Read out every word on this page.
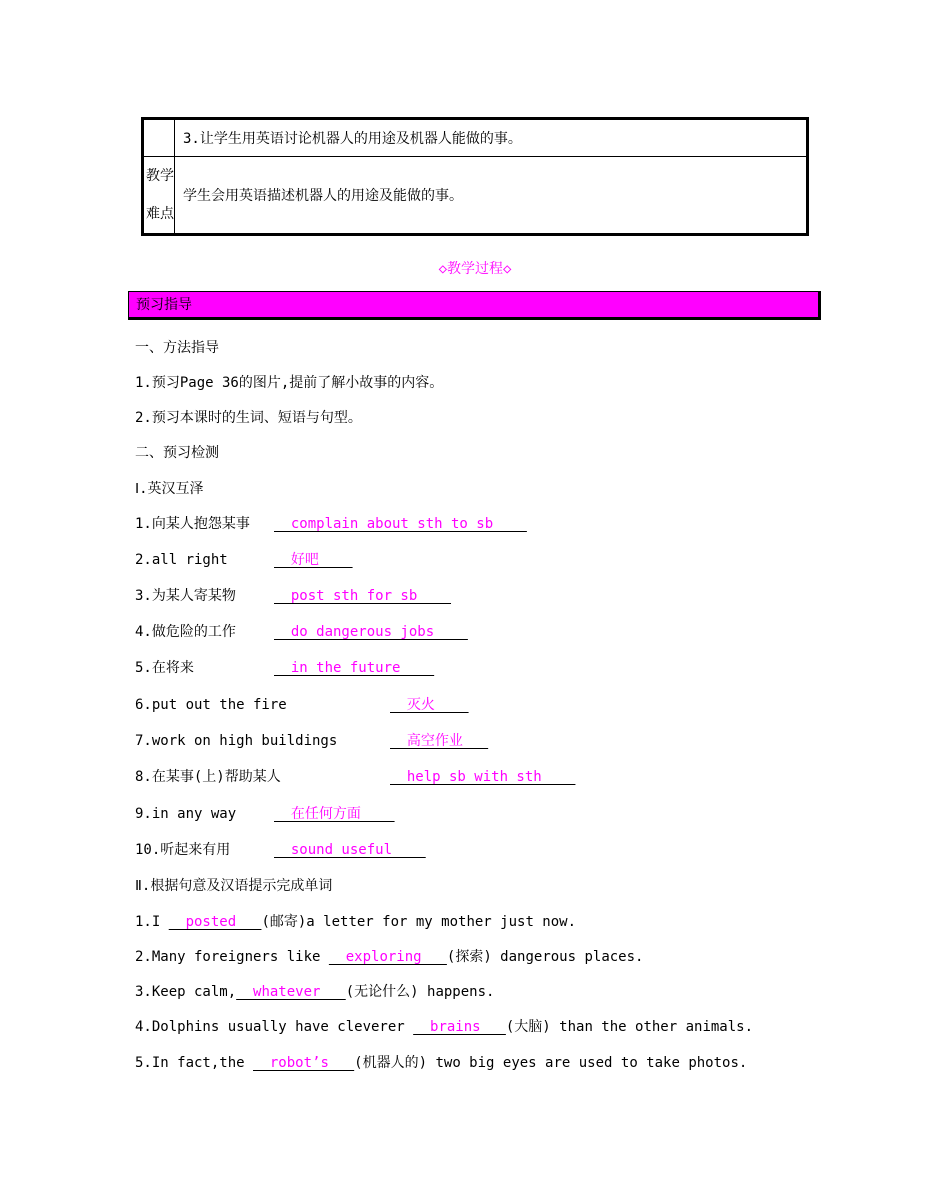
	3.让学生用英语讨论机器人的用途及机器人能做的事。

教学
难点	学生会用英语描述机器人的用途及能做的事。
◇教学过程◇
预习指导
一、方法指导
1.预习Page 36的图片,提前了解小故事的内容。
2.预习本课时的生词、短语与句型。
二、预习检测
Ⅰ.英汉互泽
1.向某人抱怨某事 complain about sth to sb
2.all right	好吧
3.为某人寄某物	post sth for sb
4.做危险的工作	do dangerous jobs
5.在将来	in the future
6.put out the fire	灭火
7.work on high buildings	高空作业
8.在某事(上)帮助某人	help sb with sth
9.in any way	在任何方面
10.听起来有用	sound useful
Ⅱ.根据句意及汉语提示完成单词
1.I   posted   (邮寄)a letter for my mother just now.
2.Many foreigners like   exploring   (探索) dangerous places.
3.Keep calm,  whatever   (无论什么) happens.
4.Dolphins usually have cleverer   brains   (大脑) than the other animals.
5.In fact,the   robot’s   (机器人的) two big eyes are used to take photos.
